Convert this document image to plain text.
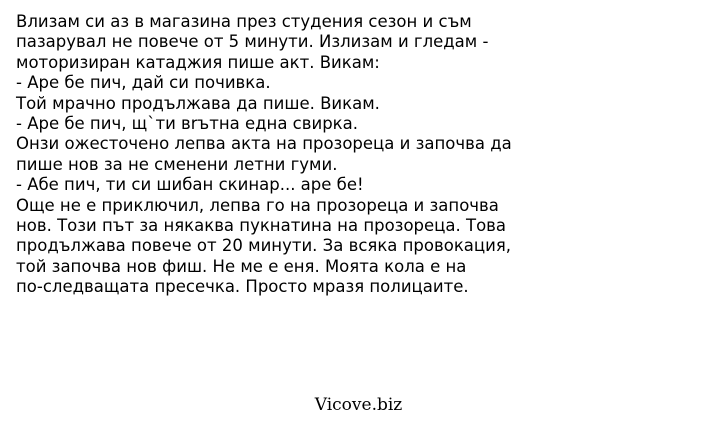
Влизам си аз в магазина през студения сезон и съм
пазарувал не повече от 5 минути. Излизам и гледам -
моторизиран катаджия пише акт. Викам:
- Аре бе пич, дай си почивка.
Той мрачно продължава да пише. Викам.
- Аре бе пич, щ`ти вrътна една свирка.
Онзи ожесточено лепва акта на прозореца и започва да
пише нов за не сменени летни гуми.
- Абе пич, ти си шибан скинар... аре бе!
Още не е приключил, лепва го на прозореца и започва
нов. Този път за някаква пукнатина на прозореца. Това
продължава повече от 20 минути. За всяка провокация,
той започва нов фиш. Не ме е еня. Моята кола е на
по-следващата пресечка. Просто мразя полицаите.
Vicove.biz
